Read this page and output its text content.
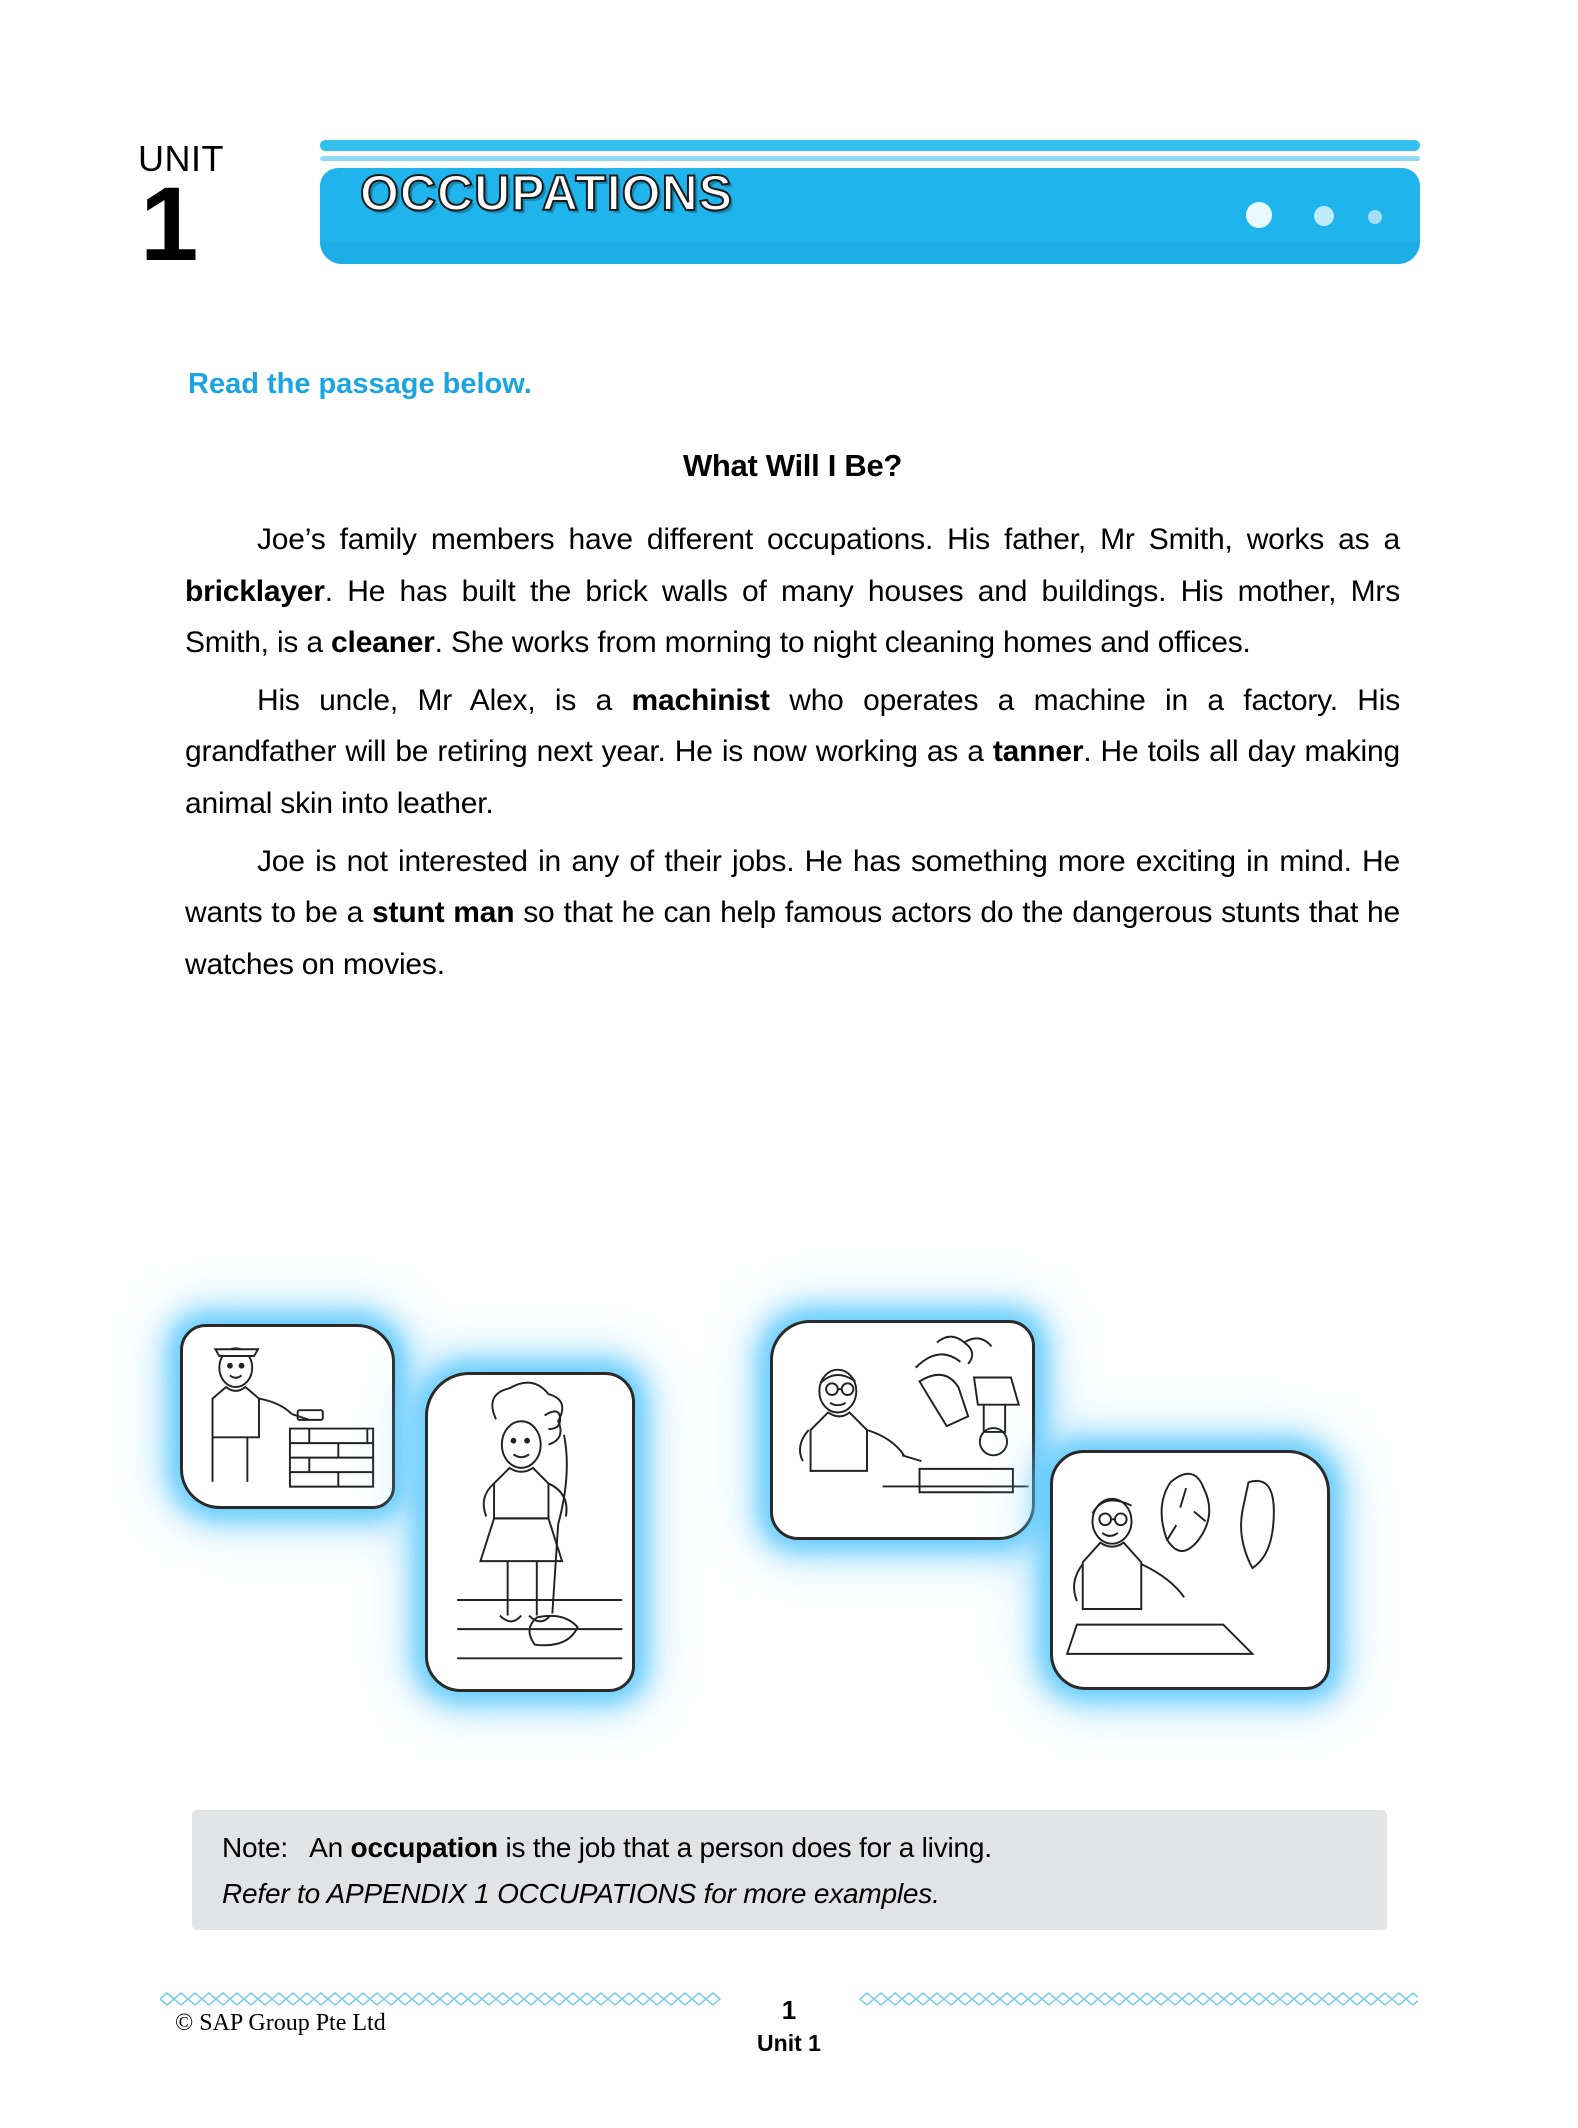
UNIT
1	OCCUPATIONS
Read the passage below.
What Will I Be?
Joe’s family members have different occupations. His father, Mr Smith, works as a bricklayer. He has built the brick walls of many houses and buildings. His mother, Mrs Smith, is a cleaner. She works from morning to night cleaning homes and offices.
His uncle, Mr Alex, is a machinist who operates a machine in a factory. His grandfather will be retiring next year. He is now working as a tanner. He toils all day making animal skin into leather.
Joe is not interested in any of their jobs. He has something more exciting in mind. He wants to be a stunt man so that he can help famous actors do the dangerous stunts that he watches on movies.
Note:   An occupation is the job that a person does for a living.
Refer to APPENDIX 1 OCCUPATIONS for more examples.
© SAP Group Pte Ltd	1
Unit 1
